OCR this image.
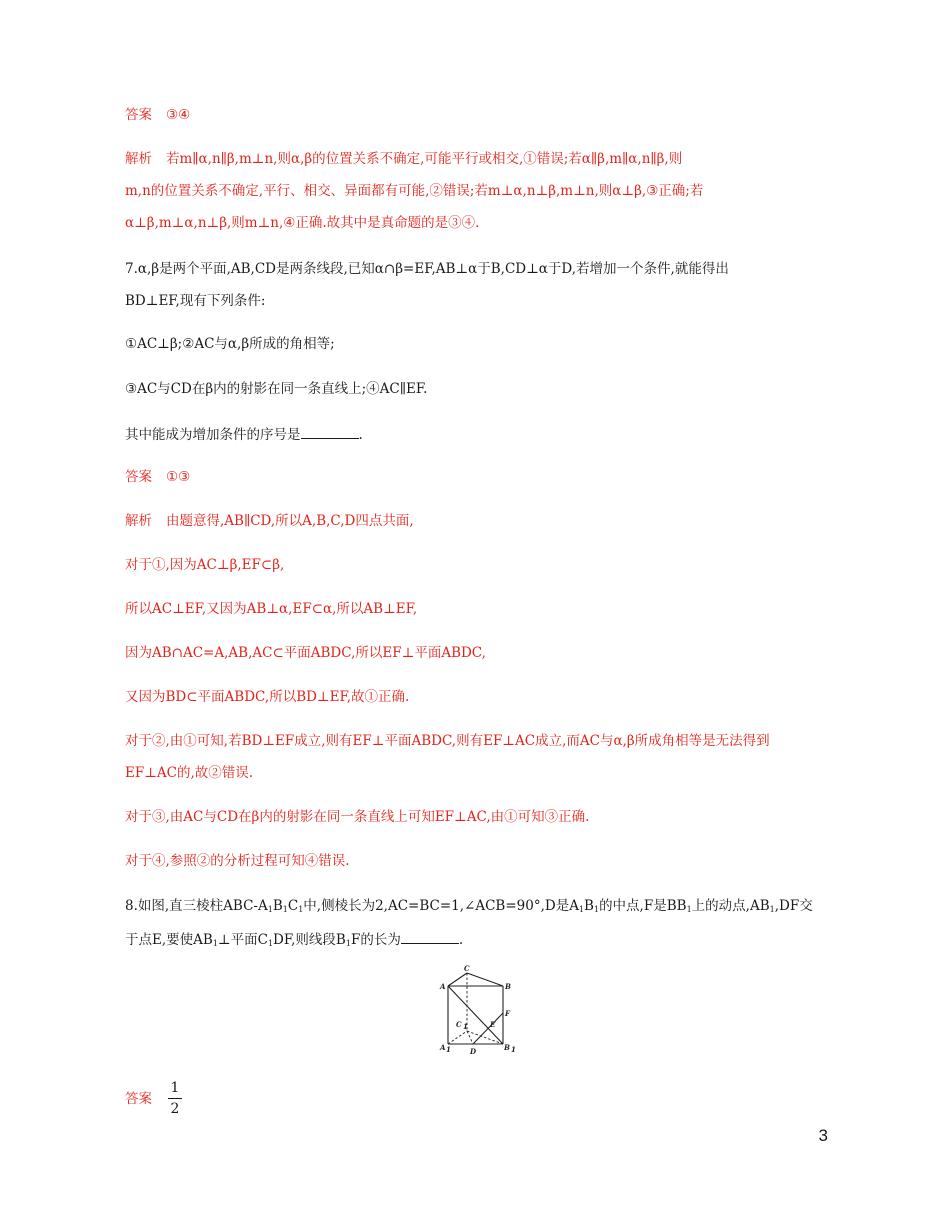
答案 ③④
解析 若m∥α,n∥β,m⊥n,则α,β的位置关系不确定,可能平行或相交,①错误;若α∥β,m∥α,n∥β,则
m,n的位置关系不确定,平行、相交、异面都有可能,②错误;若m⊥α,n⊥β,m⊥n,则α⊥β,③正确;若
α⊥β,m⊥α,n⊥β,则m⊥n,④正确.故其中是真命题的是③④.
7.α,β是两个平面,AB,CD是两条线段,已知α∩β=EF,AB⊥α于B,CD⊥α于D,若增加一个条件,就能得出
BD⊥EF,现有下列条件:
①AC⊥β;②AC与α,β所成的角相等;
③AC与CD在β内的射影在同一条直线上;④AC∥EF.
其中能成为增加条件的序号是	.
答案 ①③
解析 由题意得,AB∥CD,所以A,B,C,D四点共面,
对于①,因为AC⊥β,EF⊂β,
所以AC⊥EF,又因为AB⊥α,EF⊂α,所以AB⊥EF,
因为AB∩AC=A,AB,AC⊂平面ABDC,所以EF⊥平面ABDC,
又因为BD⊂平面ABDC,所以BD⊥EF,故①正确.
对于②,由①可知,若BD⊥EF成立,则有EF⊥平面ABDC,则有EF⊥AC成立,而AC与α,β所成角相等是无法得到
EF⊥AC的,故②错误.
对于③,由AC与CD在β内的射影在同一条直线上可知EF⊥AC,由①可知③正确.
对于④,参照②的分析过程可知④错误.
8.如图,直三棱柱ABC-$A_1B_1C_1$中,侧棱长为2,AC=BC=1,∠ACB=90°,D是$A_1B_1$的中点,F是$BB_1$上的动点$,AB_1,DF$交
于点E,要使$AB_1\perp$平面$C_1DF$,则线段$B_1F$的长为	.
C
A	B
C 1	E
F
A 1	D	B 1
答案
1
2
3
